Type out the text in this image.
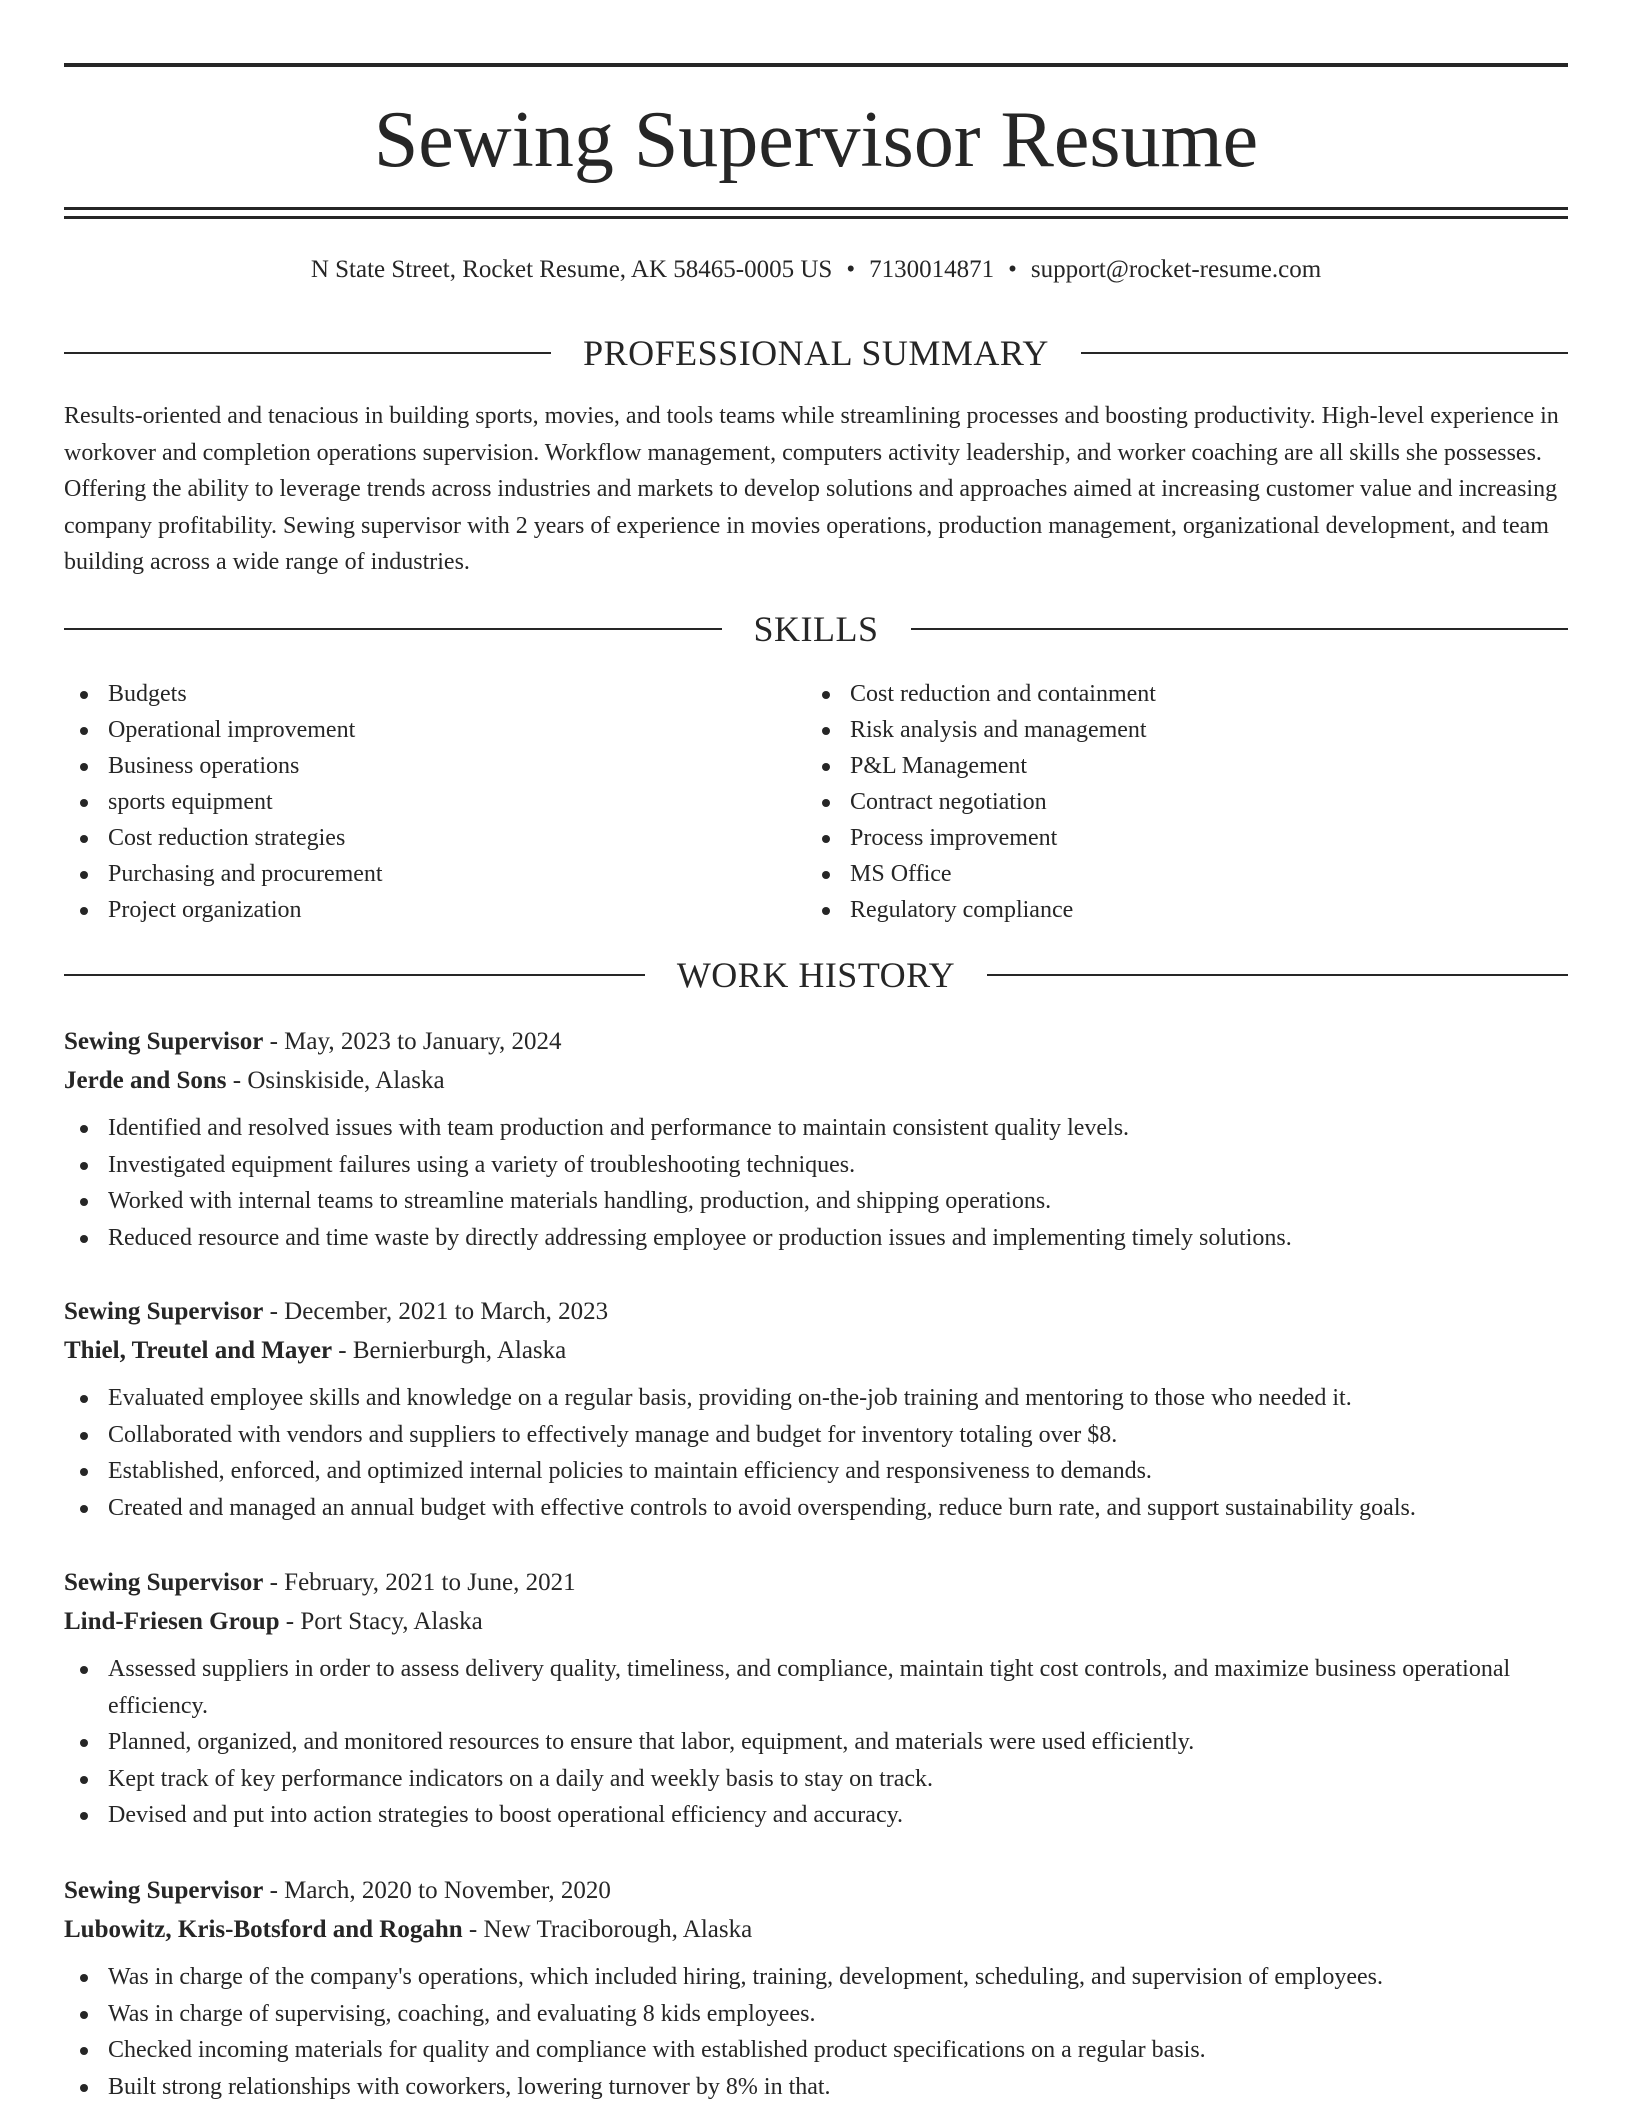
Sewing Supervisor Resume
N State Street, Rocket Resume, AK 58465-0005 US • 7130014871 • support@rocket-resume.com
PROFESSIONAL SUMMARY
Results-oriented and tenacious in building sports, movies, and tools teams while streamlining processes and boosting productivity. High-level experience in workover and completion operations supervision. Workflow management, computers activity leadership, and worker coaching are all skills she possesses. Offering the ability to leverage trends across industries and markets to develop solutions and approaches aimed at increasing customer value and increasing company profitability. Sewing supervisor with 2 years of experience in movies operations, production management, organizational development, and team building across a wide range of industries.
SKILLS
Budgets
Operational improvement
Business operations
sports equipment
Cost reduction strategies
Purchasing and procurement
Project organization
Cost reduction and containment
Risk analysis and management
P&L Management
Contract negotiation
Process improvement
MS Office
Regulatory compliance
WORK HISTORY
Sewing Supervisor - May, 2023 to January, 2024
Jerde and Sons - Osinskiside, Alaska
Identified and resolved issues with team production and performance to maintain consistent quality levels.
Investigated equipment failures using a variety of troubleshooting techniques.
Worked with internal teams to streamline materials handling, production, and shipping operations.
Reduced resource and time waste by directly addressing employee or production issues and implementing timely solutions.
Sewing Supervisor - December, 2021 to March, 2023
Thiel, Treutel and Mayer - Bernierburgh, Alaska
Evaluated employee skills and knowledge on a regular basis, providing on-the-job training and mentoring to those who needed it.
Collaborated with vendors and suppliers to effectively manage and budget for inventory totaling over $8.
Established, enforced, and optimized internal policies to maintain efficiency and responsiveness to demands.
Created and managed an annual budget with effective controls to avoid overspending, reduce burn rate, and support sustainability goals.
Sewing Supervisor - February, 2021 to June, 2021
Lind-Friesen Group - Port Stacy, Alaska
Assessed suppliers in order to assess delivery quality, timeliness, and compliance, maintain tight cost controls, and maximize business operational efficiency.
Planned, organized, and monitored resources to ensure that labor, equipment, and materials were used efficiently.
Kept track of key performance indicators on a daily and weekly basis to stay on track.
Devised and put into action strategies to boost operational efficiency and accuracy.
Sewing Supervisor - March, 2020 to November, 2020
Lubowitz, Kris-Botsford and Rogahn - New Traciborough, Alaska
Was in charge of the company's operations, which included hiring, training, development, scheduling, and supervision of employees.
Was in charge of supervising, coaching, and evaluating 8 kids employees.
Checked incoming materials for quality and compliance with established product specifications on a regular basis.
Built strong relationships with coworkers, lowering turnover by 8% in that.
